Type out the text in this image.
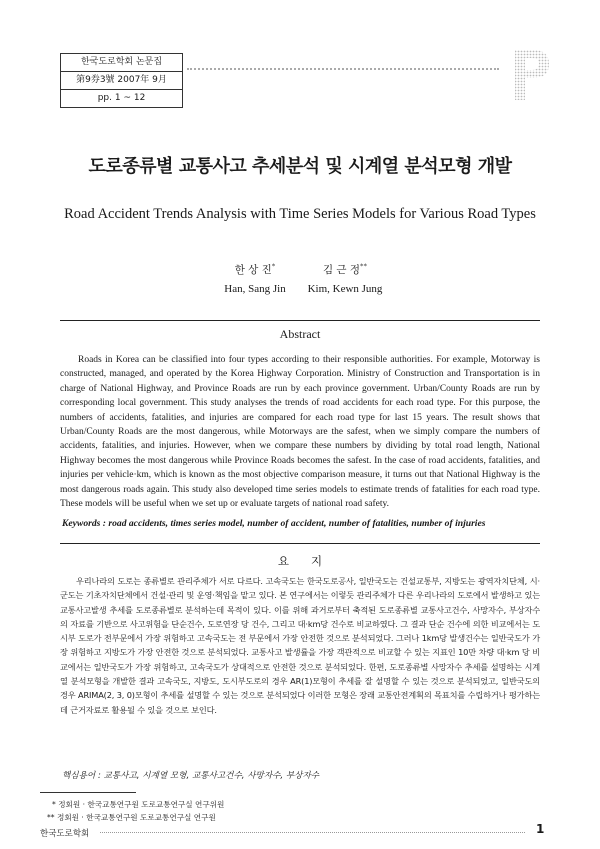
한국도로학회 논문집
第9券3號 2007年 9月
pp. 1 ~ 12
도로종류별 교통사고 추세분석 및 시계열 분석모형 개발
Road Accident Trends Analysis with Time Series Models for Various Road Types
한 상 진*
Han, Sang Jin
김 근 정**
Kim, Kewn Jung
Abstract
Roads in Korea can be classified into four types according to their responsible authorities. For example, Motorway is constructed, managed, and operated by the Korea Highway Corporation. Ministry of Construction and Transportation is in charge of National Highway, and Province Roads are run by each province government. Urban/County Roads are run by corresponding local government. This study analyses the trends of road accidents for each road type. For this purpose, the numbers of accidents, fatalities, and injuries are compared for each road type for last 15 years. The result shows that Urban/County Roads are the most dangerous, while Motorways are the safest, when we simply compare the numbers of accidents, fatalities, and injuries. However, when we compare these numbers by dividing by total road length, National Highway becomes the most dangerous while Province Roads becomes the safest. In the case of road accidents, fatalities, and injuries per vehicle·km, which is known as the most objective comparison measure, it turns out that National Highway is the most dangerous roads again. This study also developed time series models to estimate trends of fatalities for each road type. These models will be useful when we set up or evaluate targets of national road safety.
Keywords : road accidents, times series model, number of accident, number of fatalities, number of injuries
요지
우리나라의 도로는 종류별로 관리주체가 서로 다르다. 고속국도는 한국도로공사, 일반국도는 건설교통부, 지방도는 광역자치단체, 시·군도는 기초자치단체에서 건설·관리 및 운영·책임을 맡고 있다. 본 연구에서는 이렇듯 관리주체가 다른 우리나라의 도로에서 발생하고 있는 교통사고발생 추세를 도로종류별로 분석하는데 목적이 있다. 이를 위해 과거로부터 축적된 도로종류별 교통사고건수, 사망자수, 부상자수의 자료를 기반으로 사고위험을 단순건수, 도로연장 당 건수, 그리고 대·km당 건수로 비교하였다. 그 결과 단순 건수에 의한 비교에서는 도시부 도로가 전부문에서 가장 위험하고 고속국도는 전 부문에서 가장 안전한 것으로 분석되었다. 그러나 1km당 발생건수는 일반국도가 가장 위험하고 지방도가 가장 안전한 것으로 분석되었다. 교통사고 발생률을 가장 객관적으로 비교할 수 있는 지표인 10만 차량 대·km 당 비교에서는 일반국도가 가장 위험하고, 고속국도가 상대적으로 안전한 것으로 분석되었다. 한편, 도로종류별 사망자수 추세를 설명하는 시계열 분석모형을 개발한 결과 고속국도, 지방도, 도시부도로의 경우 AR(1)모형이 추세를 잘 설명할 수 있는 것으로 분석되었고, 일반국도의 경우 ARIMA(2, 3, 0)모형이 추세를 설명할 수 있는 것으로 분석되었다 이러한 모형은 장래 교통안전계획의 목표치를 수립하거나 평가하는데 근거자료로 활용될 수 있을 것으로 보인다.
핵심용어 : 교통사고, 시계열 모형, 교통사고건수, 사망자수, 부상자수
* 정회원 · 한국교통연구원 도로교통연구실 연구위원
** 정회원 · 한국교통연구원 도로교통연구실 연구원
한국도로학회	1
